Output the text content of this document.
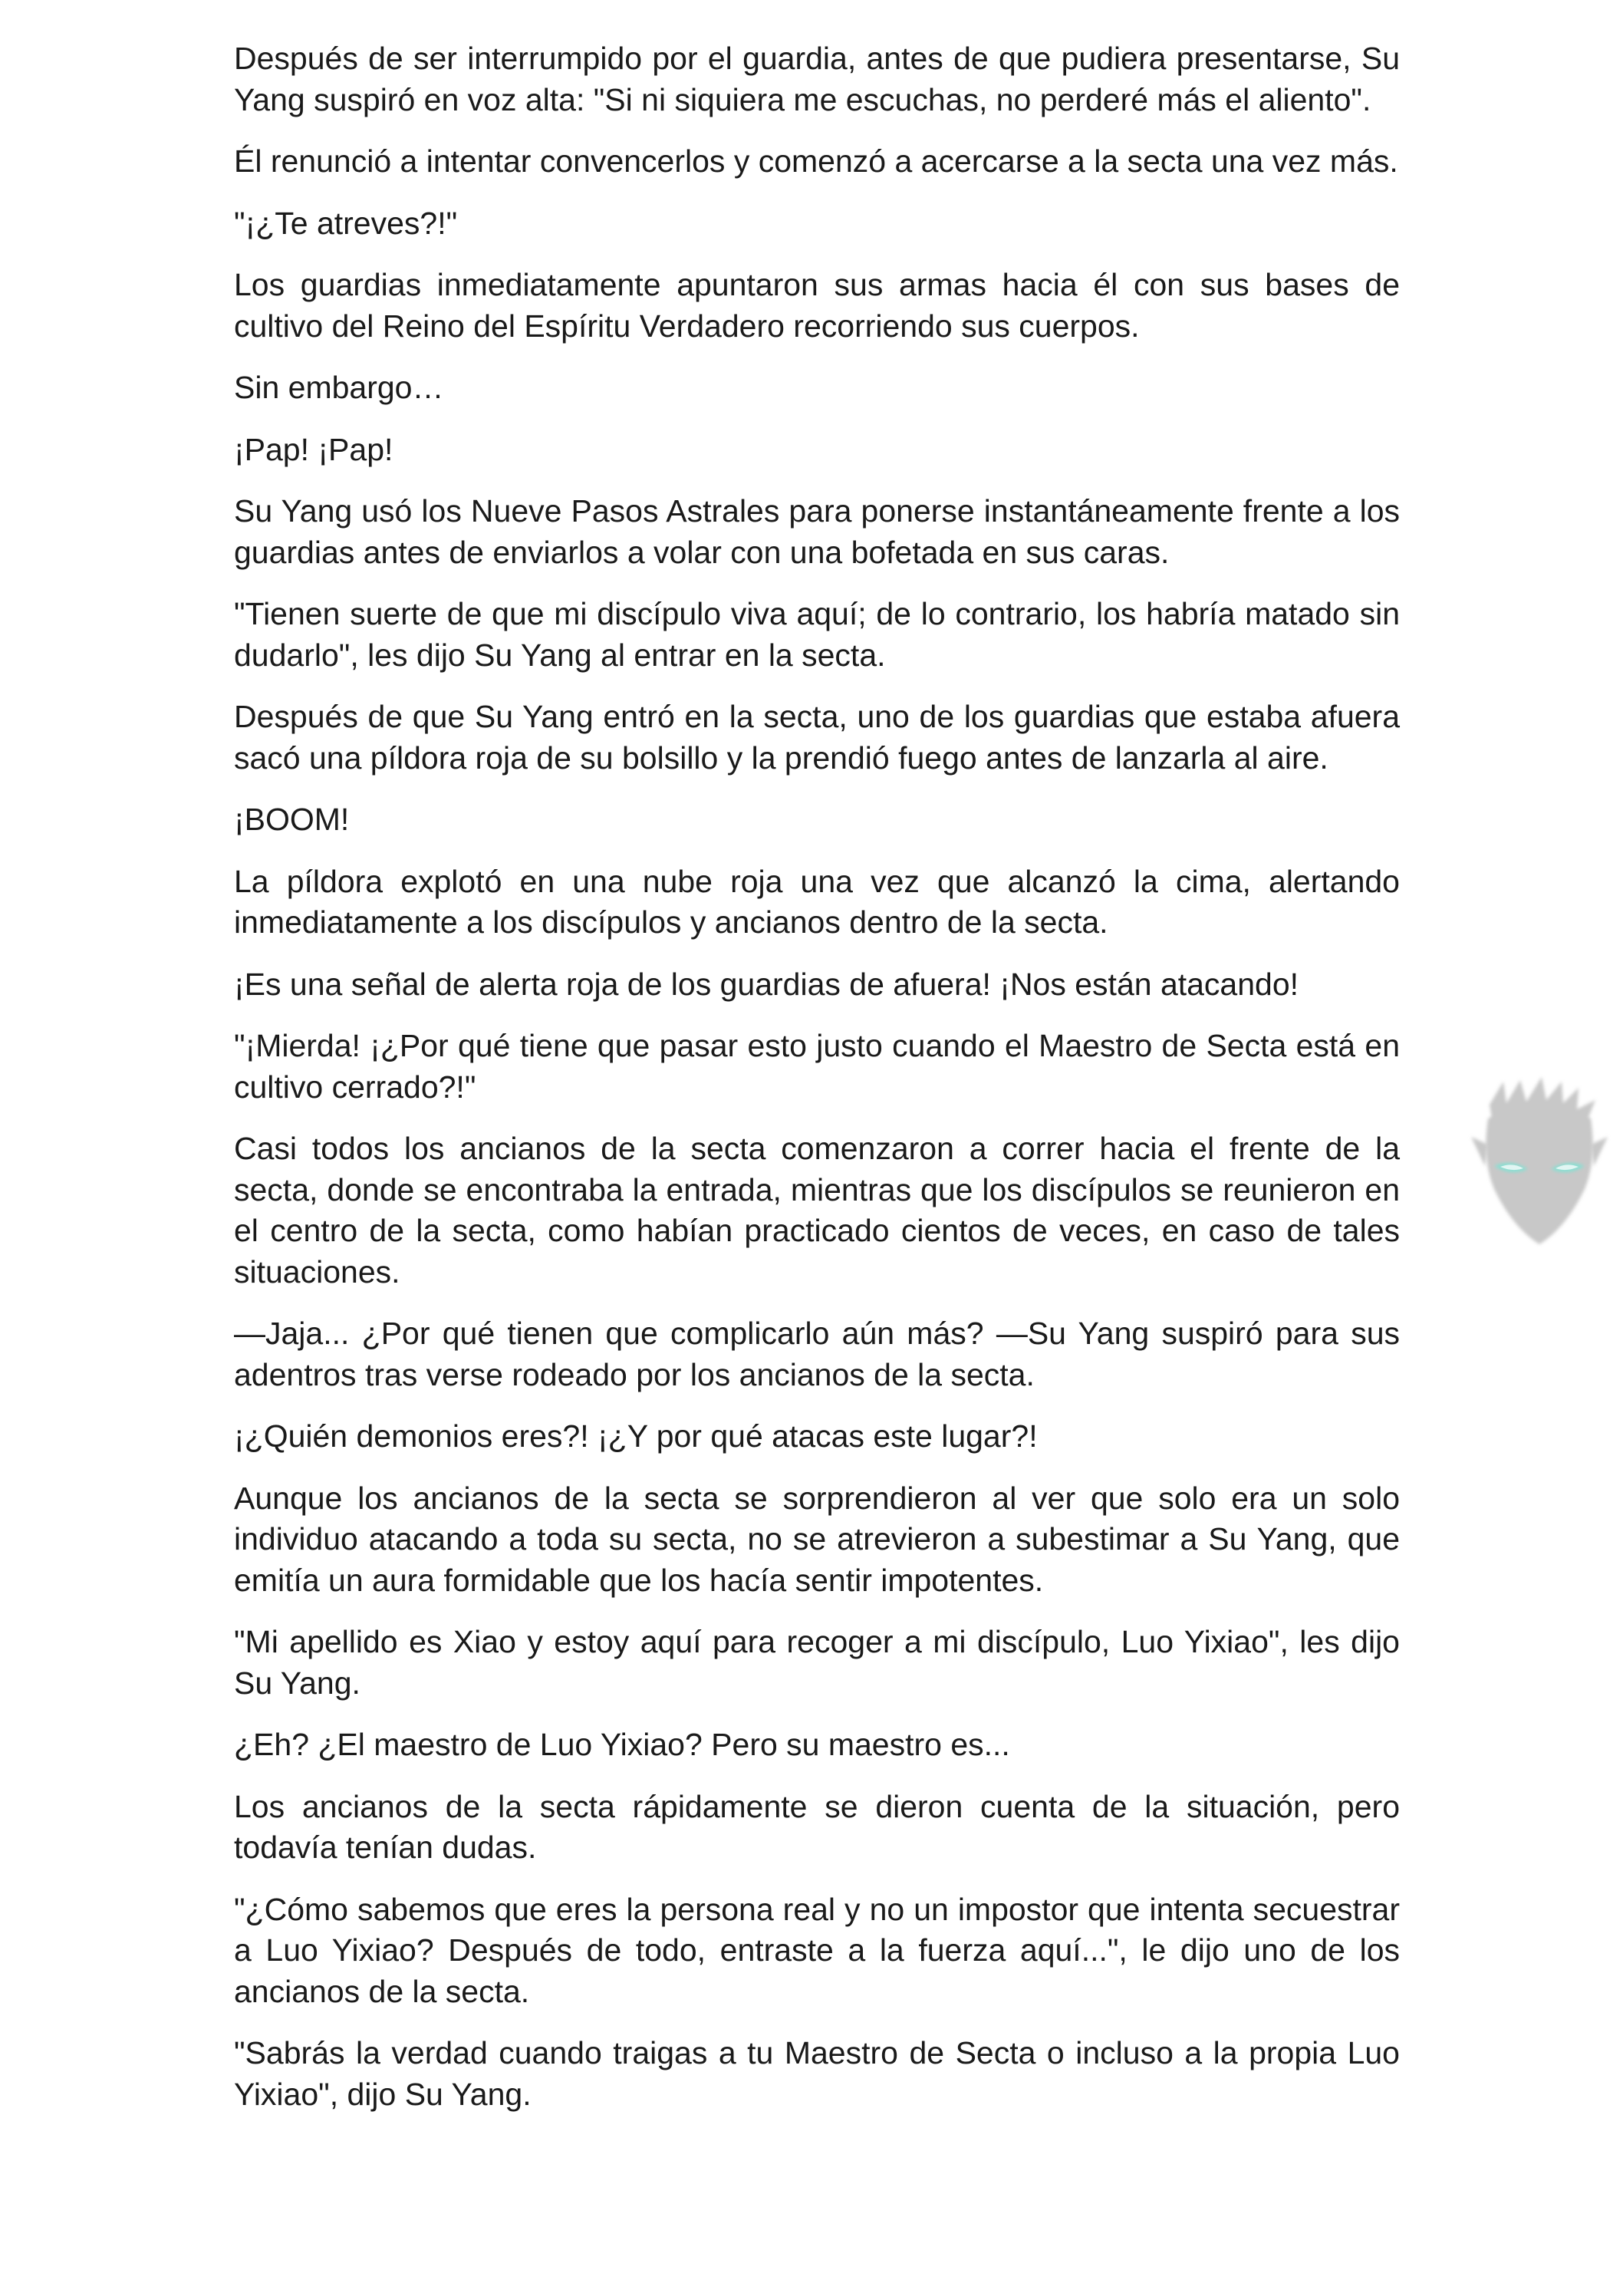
Después de ser interrumpido por el guardia, antes de que pudiera presentarse, Su Yang suspiró en voz alta: "Si ni siquiera me escuchas, no perderé más el aliento".

Él renunció a intentar convencerlos y comenzó a acercarse a la secta una vez más.

"¡¿Te atreves?!"

Los guardias inmediatamente apuntaron sus armas hacia él con sus bases de cultivo del Reino del Espíritu Verdadero recorriendo sus cuerpos.

Sin embargo…

¡Pap! ¡Pap!

Su Yang usó los Nueve Pasos Astrales para ponerse instantáneamente frente a los guardias antes de enviarlos a volar con una bofetada en sus caras.

"Tienen suerte de que mi discípulo viva aquí; de lo contrario, los habría matado sin dudarlo", les dijo Su Yang al entrar en la secta.

Después de que Su Yang entró en la secta, uno de los guardias que estaba afuera sacó una píldora roja de su bolsillo y la prendió fuego antes de lanzarla al aire.

¡BOOM!

La píldora explotó en una nube roja una vez que alcanzó la cima, alertando inmediatamente a los discípulos y ancianos dentro de la secta.

¡Es una señal de alerta roja de los guardias de afuera! ¡Nos están atacando!

"¡Mierda! ¡¿Por qué tiene que pasar esto justo cuando el Maestro de Secta está en cultivo cerrado?!"

Casi todos los ancianos de la secta comenzaron a correr hacia el frente de la secta, donde se encontraba la entrada, mientras que los discípulos se reunieron en el centro de la secta, como habían practicado cientos de veces, en caso de tales situaciones.

—Jaja... ¿Por qué tienen que complicarlo aún más? —Su Yang suspiró para sus adentros tras verse rodeado por los ancianos de la secta.

¡¿Quién demonios eres?! ¡¿Y por qué atacas este lugar?!

Aunque los ancianos de la secta se sorprendieron al ver que solo era un solo individuo atacando a toda su secta, no se atrevieron a subestimar a Su Yang, que emitía un aura formidable que los hacía sentir impotentes.

"Mi apellido es Xiao y estoy aquí para recoger a mi discípulo, Luo Yixiao", les dijo Su Yang.

¿Eh? ¿El maestro de Luo Yixiao? Pero su maestro es...

Los ancianos de la secta rápidamente se dieron cuenta de la situación, pero todavía tenían dudas.

"¿Cómo sabemos que eres la persona real y no un impostor que intenta secuestrar a Luo Yixiao? Después de todo, entraste a la fuerza aquí...", le dijo uno de los ancianos de la secta.

"Sabrás la verdad cuando traigas a tu Maestro de Secta o incluso a la propia Luo Yixiao", dijo Su Yang.
